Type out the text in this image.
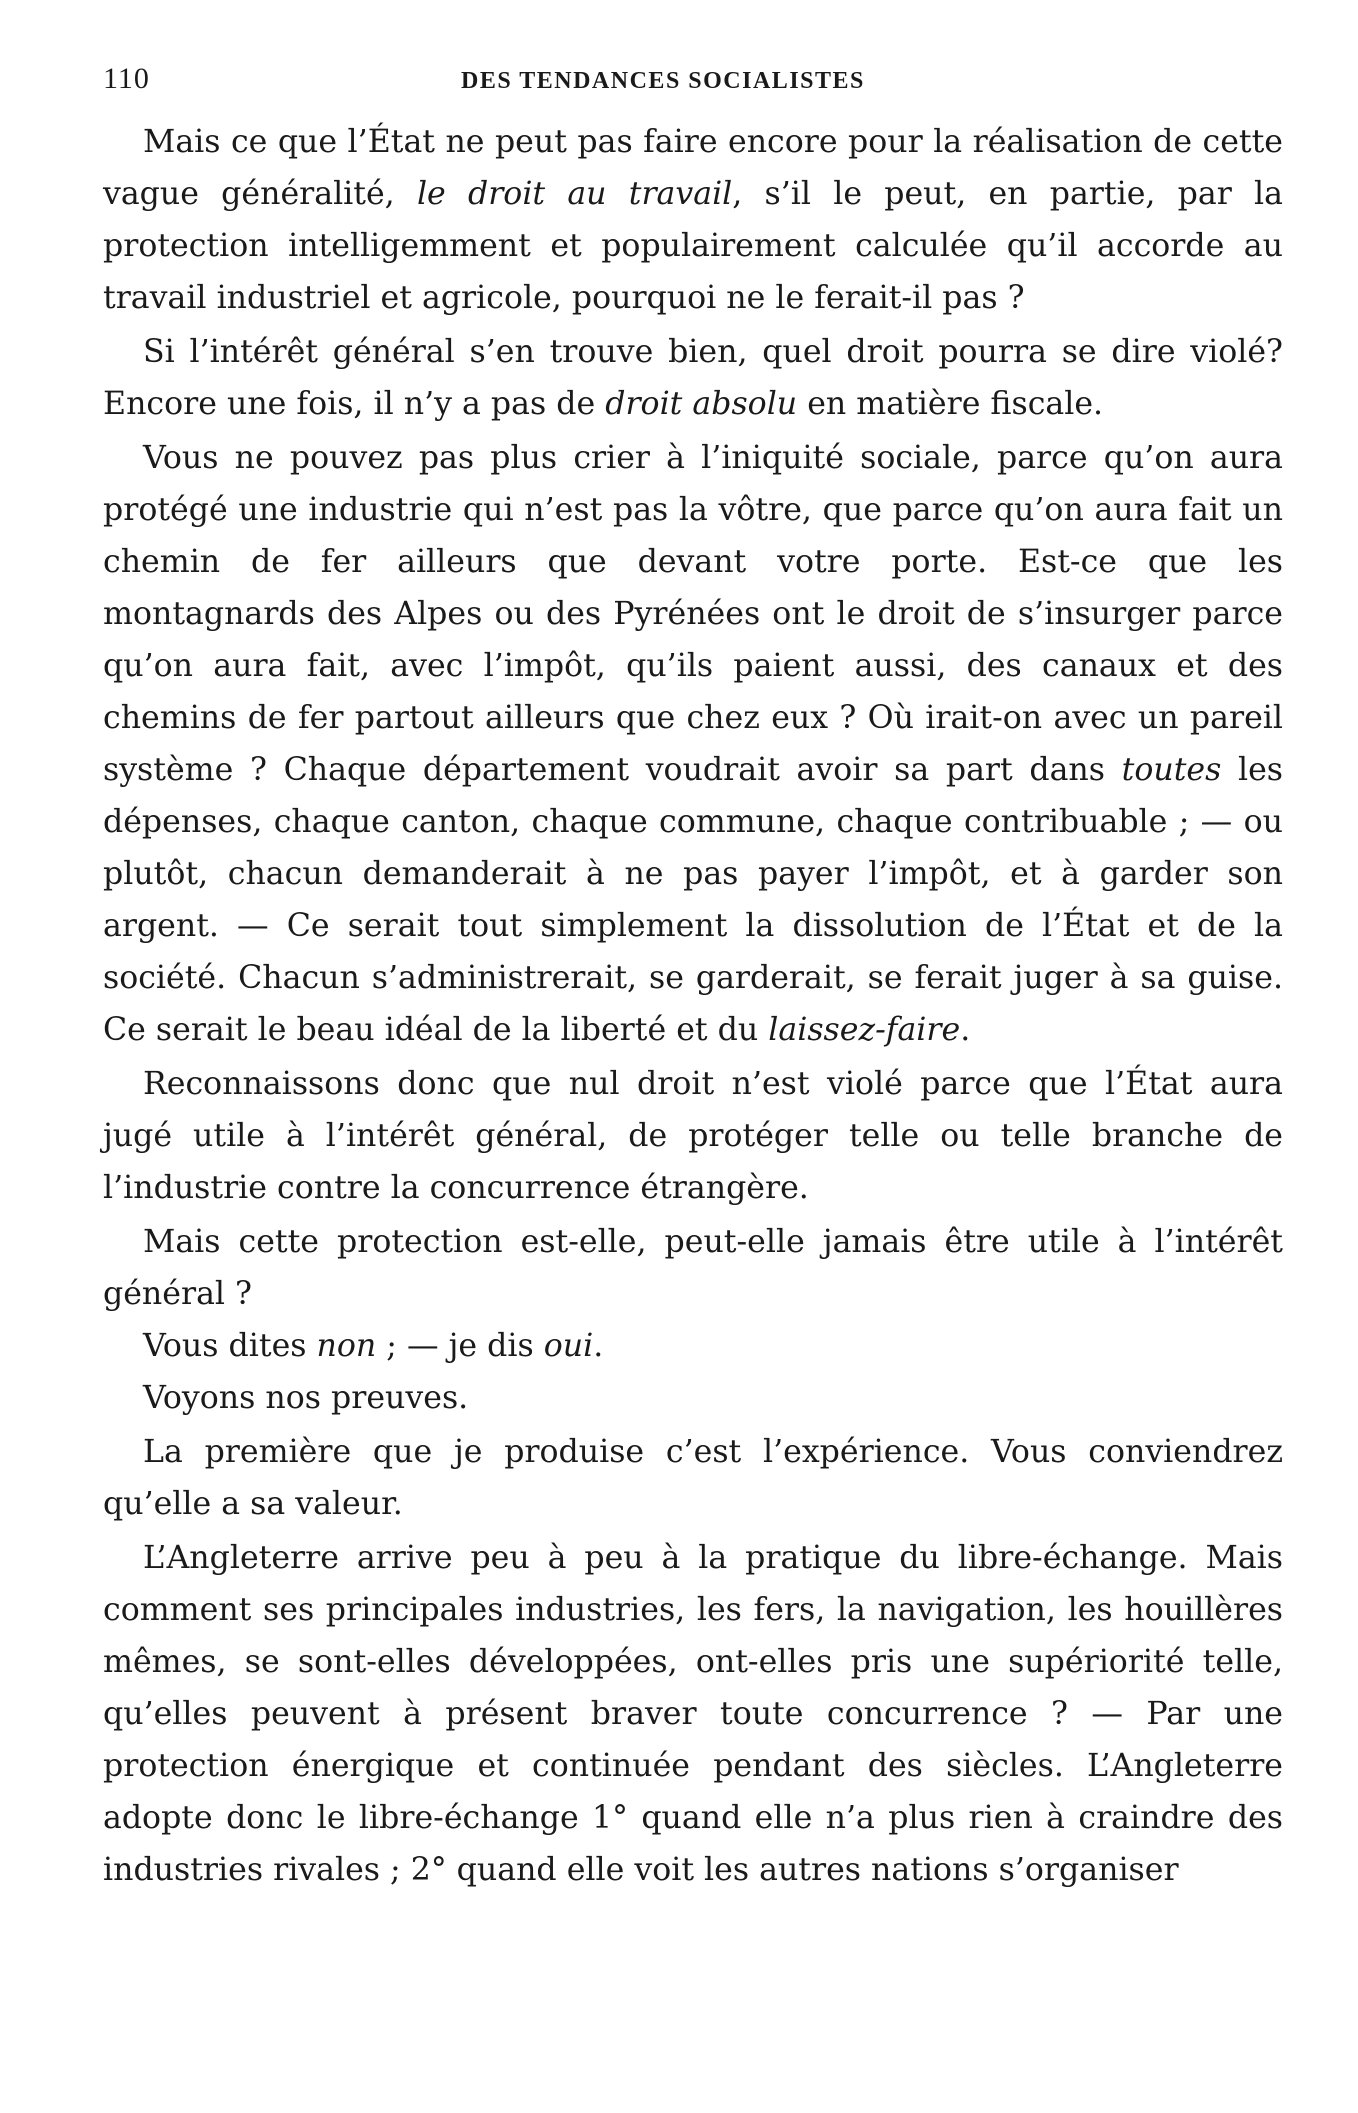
110	DES TENDANCES SOCIALISTES

Mais ce que l’État ne peut pas faire encore pour la réalisation de cette vague généralité, le droit au travail, s’il le peut, en partie, par la protection intelligemment et populairement calculée qu’il accorde au travail industriel et agricole, pourquoi ne le ferait-il pas ?

Si l’intérêt général s’en trouve bien, quel droit pourra se dire violé? Encore une fois, il n’y a pas de droit absolu en matière fiscale.

Vous ne pouvez pas plus crier à l’iniquité sociale, parce qu’on aura protégé une industrie qui n’est pas la vôtre, que parce qu’on aura fait un chemin de fer ailleurs que devant votre porte. Est-ce que les montagnards des Alpes ou des Pyrénées ont le droit de s’insurger parce qu’on aura fait, avec l’impôt, qu’ils paient aussi, des canaux et des chemins de fer partout ailleurs que chez eux ? Où irait-on avec un pareil système ? Chaque département voudrait avoir sa part dans toutes les dépenses, chaque canton, chaque commune, chaque contribuable ; — ou plutôt, chacun demanderait à ne pas payer l’impôt, et à garder son argent. — Ce serait tout simplement la dissolution de l’État et de la société. Chacun s’administrerait, se garderait, se ferait juger à sa guise. Ce serait le beau idéal de la liberté et du laissez-faire.

Reconnaissons donc que nul droit n’est violé parce que l’État aura jugé utile à l’intérêt général, de protéger telle ou telle branche de l’industrie contre la concurrence étrangère.

Mais cette protection est-elle, peut-elle jamais être utile à l’intérêt général ?

Vous dites non ; — je dis oui.

Voyons nos preuves.

La première que je produise c’est l’expérience. Vous conviendrez qu’elle a sa valeur.

L’Angleterre arrive peu à peu à la pratique du libre-échange. Mais comment ses principales industries, les fers, la navigation, les houillères mêmes, se sont-elles développées, ont-elles pris une supériorité telle, qu’elles peuvent à présent braver toute concurrence ? — Par une protection énergique et continuée pendant des siècles. L’Angleterre adopte donc le libre-échange 1° quand elle n’a plus rien à craindre des industries rivales ; 2° quand elle voit les autres nations s’organiser
